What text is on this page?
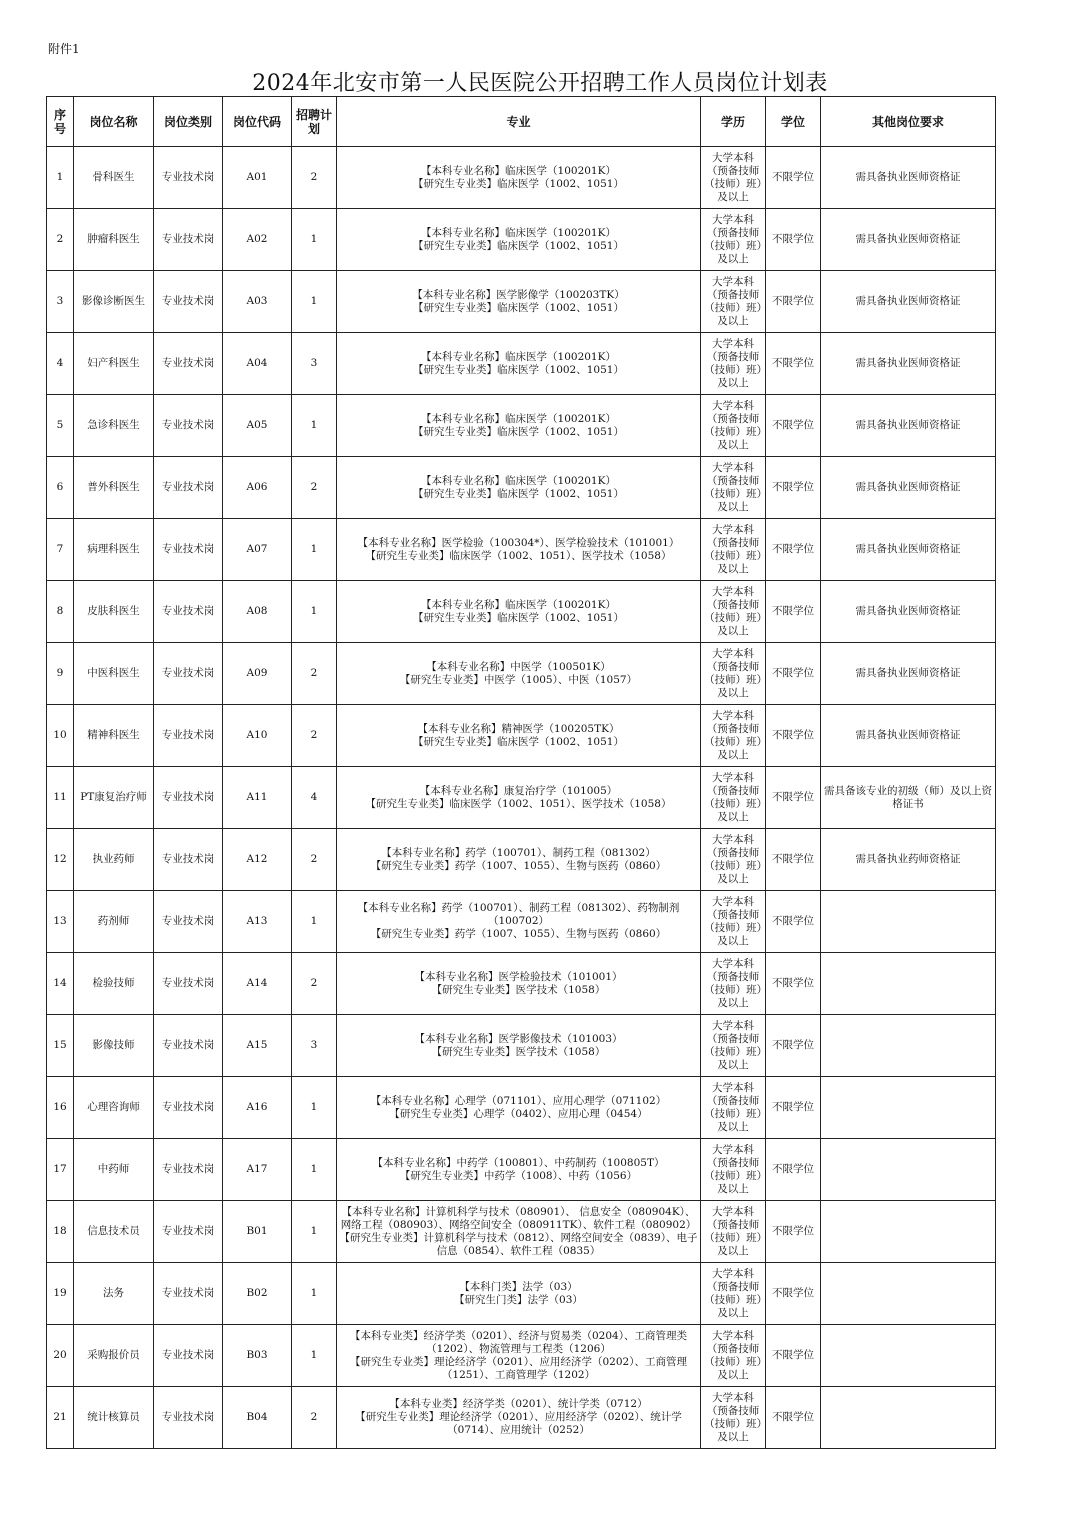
附件1
2024年北安市第一人民医院公开招聘工作人员岗位计划表
序号	岗位名称	岗位类别	岗位代码	招聘计划	专业	学历	学位	其他岗位要求
1	骨科医生	专业技术岗	A01	2	【本科专业名称】临床医学（100201K）
【研究生专业类】临床医学（1002、1051）	大学本科（预备技师（技师）班）及以上	不限学位	需具备执业医师资格证
2	肿瘤科医生	专业技术岗	A02	1	【本科专业名称】临床医学（100201K）
【研究生专业类】临床医学（1002、1051）	大学本科（预备技师（技师）班）及以上	不限学位	需具备执业医师资格证
3	影像诊断医生	专业技术岗	A03	1	【本科专业名称】医学影像学（100203TK）
【研究生专业类】临床医学（1002、1051）	大学本科（预备技师（技师）班）及以上	不限学位	需具备执业医师资格证
4	妇产科医生	专业技术岗	A04	3	【本科专业名称】临床医学（100201K）
【研究生专业类】临床医学（1002、1051）	大学本科（预备技师（技师）班）及以上	不限学位	需具备执业医师资格证
5	急诊科医生	专业技术岗	A05	1	【本科专业名称】临床医学（100201K）
【研究生专业类】临床医学（1002、1051）	大学本科（预备技师（技师）班）及以上	不限学位	需具备执业医师资格证
6	普外科医生	专业技术岗	A06	2	【本科专业名称】临床医学（100201K）
【研究生专业类】临床医学（1002、1051）	大学本科（预备技师（技师）班）及以上	不限学位	需具备执业医师资格证
7	病理科医生	专业技术岗	A07	1	【本科专业名称】医学检验（100304*）、医学检验技术（101001）
【研究生专业类】临床医学（1002、1051）、医学技术（1058）	大学本科（预备技师（技师）班）及以上	不限学位	需具备执业医师资格证
8	皮肤科医生	专业技术岗	A08	1	【本科专业名称】临床医学（100201K）
【研究生专业类】临床医学（1002、1051）	大学本科（预备技师（技师）班）及以上	不限学位	需具备执业医师资格证
9	中医科医生	专业技术岗	A09	2	【本科专业名称】中医学（100501K）
【研究生专业类】中医学（1005）、中医（1057）	大学本科（预备技师（技师）班）及以上	不限学位	需具备执业医师资格证
10	精神科医生	专业技术岗	A10	2	【本科专业名称】精神医学（100205TK）
【研究生专业类】临床医学（1002、1051）	大学本科（预备技师（技师）班）及以上	不限学位	需具备执业医师资格证
11	PT康复治疗师	专业技术岗	A11	4	【本科专业名称】康复治疗学（101005）
【研究生专业类】临床医学（1002、1051）、医学技术（1058）	大学本科（预备技师（技师）班）及以上	不限学位	需具备该专业的初级（师）及以上资格证书
12	执业药师	专业技术岗	A12	2	【本科专业名称】药学（100701）、制药工程（081302）
【研究生专业类】药学（1007、1055）、生物与医药（0860）	大学本科（预备技师（技师）班）及以上	不限学位	需具备执业药师资格证
13	药剂师	专业技术岗	A13	1	【本科专业名称】药学（100701）、制药工程（081302）、药物制剂（100702）
【研究生专业类】药学（1007、1055）、生物与医药（0860）	大学本科（预备技师（技师）班）及以上	不限学位	
14	检验技师	专业技术岗	A14	2	【本科专业名称】医学检验技术（101001）
【研究生专业类】医学技术（1058）	大学本科（预备技师（技师）班）及以上	不限学位	
15	影像技师	专业技术岗	A15	3	【本科专业名称】医学影像技术（101003）
【研究生专业类】医学技术（1058）	大学本科（预备技师（技师）班）及以上	不限学位	
16	心理咨询师	专业技术岗	A16	1	【本科专业名称】心理学（071101）、应用心理学（071102）
【研究生专业类】心理学（0402）、应用心理（0454）	大学本科（预备技师（技师）班）及以上	不限学位	
17	中药师	专业技术岗	A17	1	【本科专业名称】中药学（100801）、中药制药（100805T）
【研究生专业类】中药学（1008）、中药（1056）	大学本科（预备技师（技师）班）及以上	不限学位	
18	信息技术员	专业技术岗	B01	1	【本科专业名称】计算机科学与技术（080901）、 信息安全（080904K）、网络工程（080903）、网络空间安全（080911TK）、软件工程（080902）
【研究生专业类】计算机科学与技术（0812）、网络空间安全（0839）、电子信息（0854）、软件工程（0835）	大学本科（预备技师（技师）班）及以上	不限学位	
19	法务	专业技术岗	B02	1	【本科门类】法学（03）
【研究生门类】法学（03）	大学本科（预备技师（技师）班）及以上	不限学位	
20	采购报价员	专业技术岗	B03	1	【本科专业类】经济学类（0201）、经济与贸易类（0204）、工商管理类（1202）、物流管理与工程类（1206）
【研究生专业类】理论经济学（0201）、应用经济学（0202）、工商管理（1251）、工商管理学（1202）	大学本科（预备技师（技师）班）及以上	不限学位	
21	统计核算员	专业技术岗	B04	2	【本科专业类】经济学类（0201）、统计学类（0712）
【研究生专业类】理论经济学（0201）、应用经济学（0202）、统计学（0714）、应用统计（0252）	大学本科（预备技师（技师）班）及以上	不限学位	
